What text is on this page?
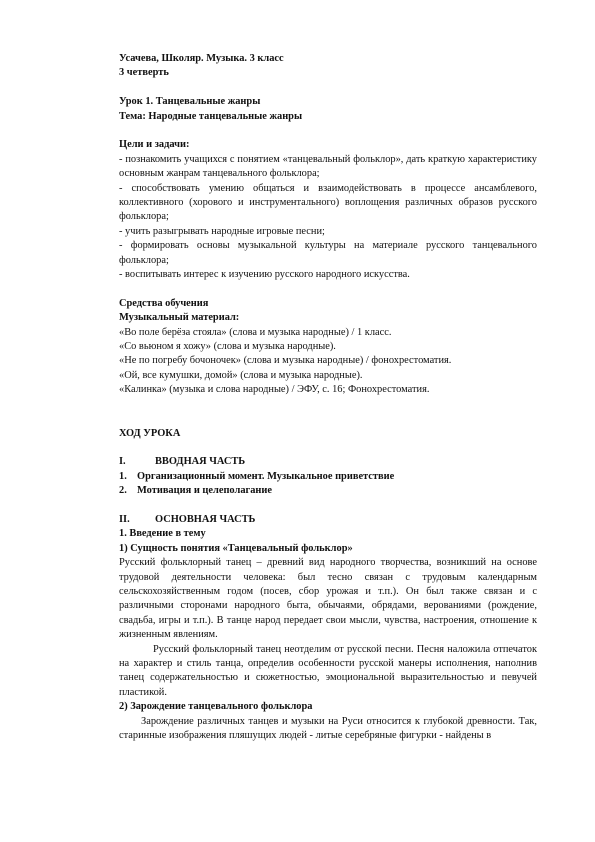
Усачева, Школяр. Музыка. 3 класс

3 четверть

Урок 1. Танцевальные жанры

Тема: Народные танцевальные жанры

Цели и задачи:

- познакомить учащихся с понятием «танцевальный фольклор», дать краткую характеристику основным жанрам танцевального фольклора;

- способствовать умению общаться и взаимодействовать в процессе ансамблевого, коллективного (хорового и инструментального) воплощения различных образов русского фольклора;

- учить разыгрывать народные игровые песни;

- формировать основы музыкальной культуры на материале русского танцевального фольклора;

- воспитывать интерес к изучению русского народного искусства.

Средства обучения

Музыкальный материал:

«Во поле берёза стояла» (слова и музыка народные) / 1 класс.

«Со вьюном я хожу» (слова и музыка народные).

«Не по погребу бочоночек» (слова и музыка народные) / фонохрестоматия.

«Ой, все кумушки, домой» (слова и музыка народные).

«Калинка» (музыка и слова народные) / ЭФУ, с. 16; Фонохрестоматия.

ХОД УРОКА

I.	ВВОДНАЯ ЧАСТЬ
1. Организационный момент. Музыкальное приветствие
2. Мотивация и целеполагание
II.	ОСНОВНАЯ ЧАСТЬ

1. Введение в тему

1) Сущность понятия «Танцевальный фольклор»

Русский фольклорный танец – древний вид народного творчества, возникший на основе трудовой деятельности человека: был тесно связан с трудовым календарным сельскохозяйственным годом (посев, сбор урожая и т.п.). Он был также связан и с различными сторонами народного быта, обычаями, обрядами, верованиями (рождение, свадьба, игры и т.п.). В танце народ передает свои мысли, чувства, настроения, отношение к жизненным явлениям.

Русский фольклорный танец неотделим от русской песни. Песня наложила отпечаток на характер и стиль танца, определив особенности русской манеры исполнения, наполнив танец содержательностью и сюжетностью, эмоциональной выразительностью и певучей пластикой.

2) Зарождение танцевального фольклора

Зарождение различных танцев и музыки на Руси относится к глубокой древности. Так, старинные изображения пляшущих людей - литые серебряные фигурки - найдены в
